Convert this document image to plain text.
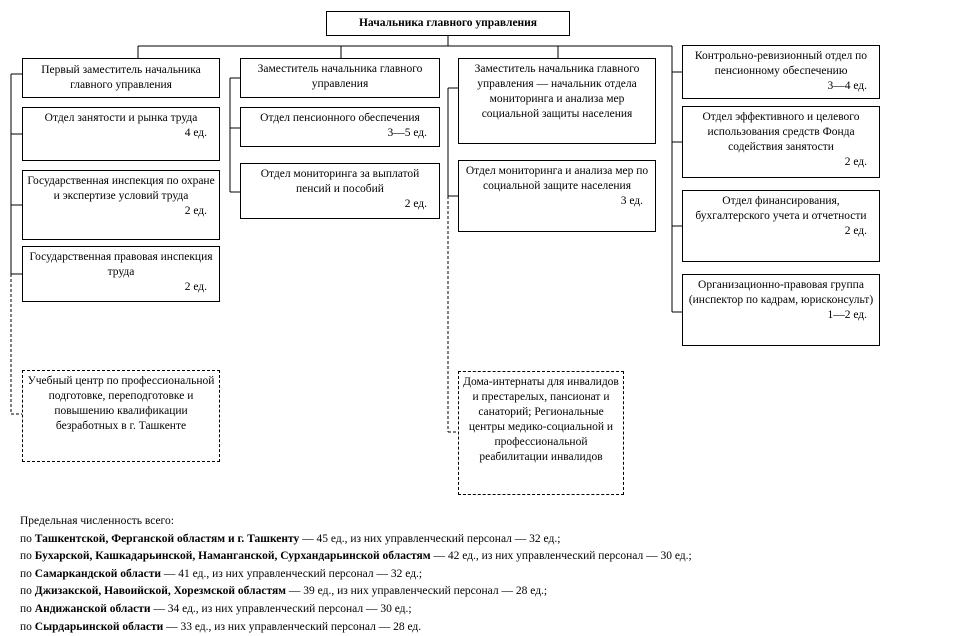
Начальника главного управления
Первый заместитель начальника главного управления
Отдел занятости и рынка труда
4 ед.
Государственная инспекция по охране и экспертизе условий труда
2 ед.
Государственная правовая инспекция труда
2 ед.
Учебный центр по профессиональной подготовке, переподготовке и повышению квалификации безработных в г. Ташкенте
Заместитель начальника главного управления
Отдел пенсионного обеспечения
3—5 ед.
Отдел мониторинга за выплатой пенсий и пособий
2 ед.
Заместитель начальника главного управления — начальник отдела мониторинга и анализа мер социальной защиты населения
Отдел мониторинга и анализа мер по социальной защите населения
3 ед.
Дома-интернаты для инвалидов и престарелых, пансионат и санаторий; Региональные центры медико-социальной и профессиональной реабилитации инвалидов
Контрольно-ревизионный отдел по пенсионному обеспечению
3—4 ед.
Отдел эффективного и целевого использования средств Фонда содействия занятости
2 ед.
Отдел финансирования, бухгалтерского учета и отчетности
2 ед.
Организационно-правовая группа (инспектор по кадрам, юрисконсульт)
1—2 ед.
Предельная численность всего:
по Ташкентской, Ферганской областям и г. Ташкенту — 45 ед., из них управленческий персонал — 32 ед.;
по Бухарской, Кашкадарьинской, Наманганской, Сурхандарьинской областям — 42 ед., из них управленческий персонал — 30 ед.;
по Самаркандской области — 41 ед., из них управленческий персонал — 32 ед.;
по Джизакской, Навоийской, Хорезмской областям — 39 ед., из них управленческий персонал — 28 ед.;
по Андижанской области — 34 ед., из них управленческий персонал — 30 ед.;
по Сырдарьинской области — 33 ед., из них управленческий персонал — 28 ед.
